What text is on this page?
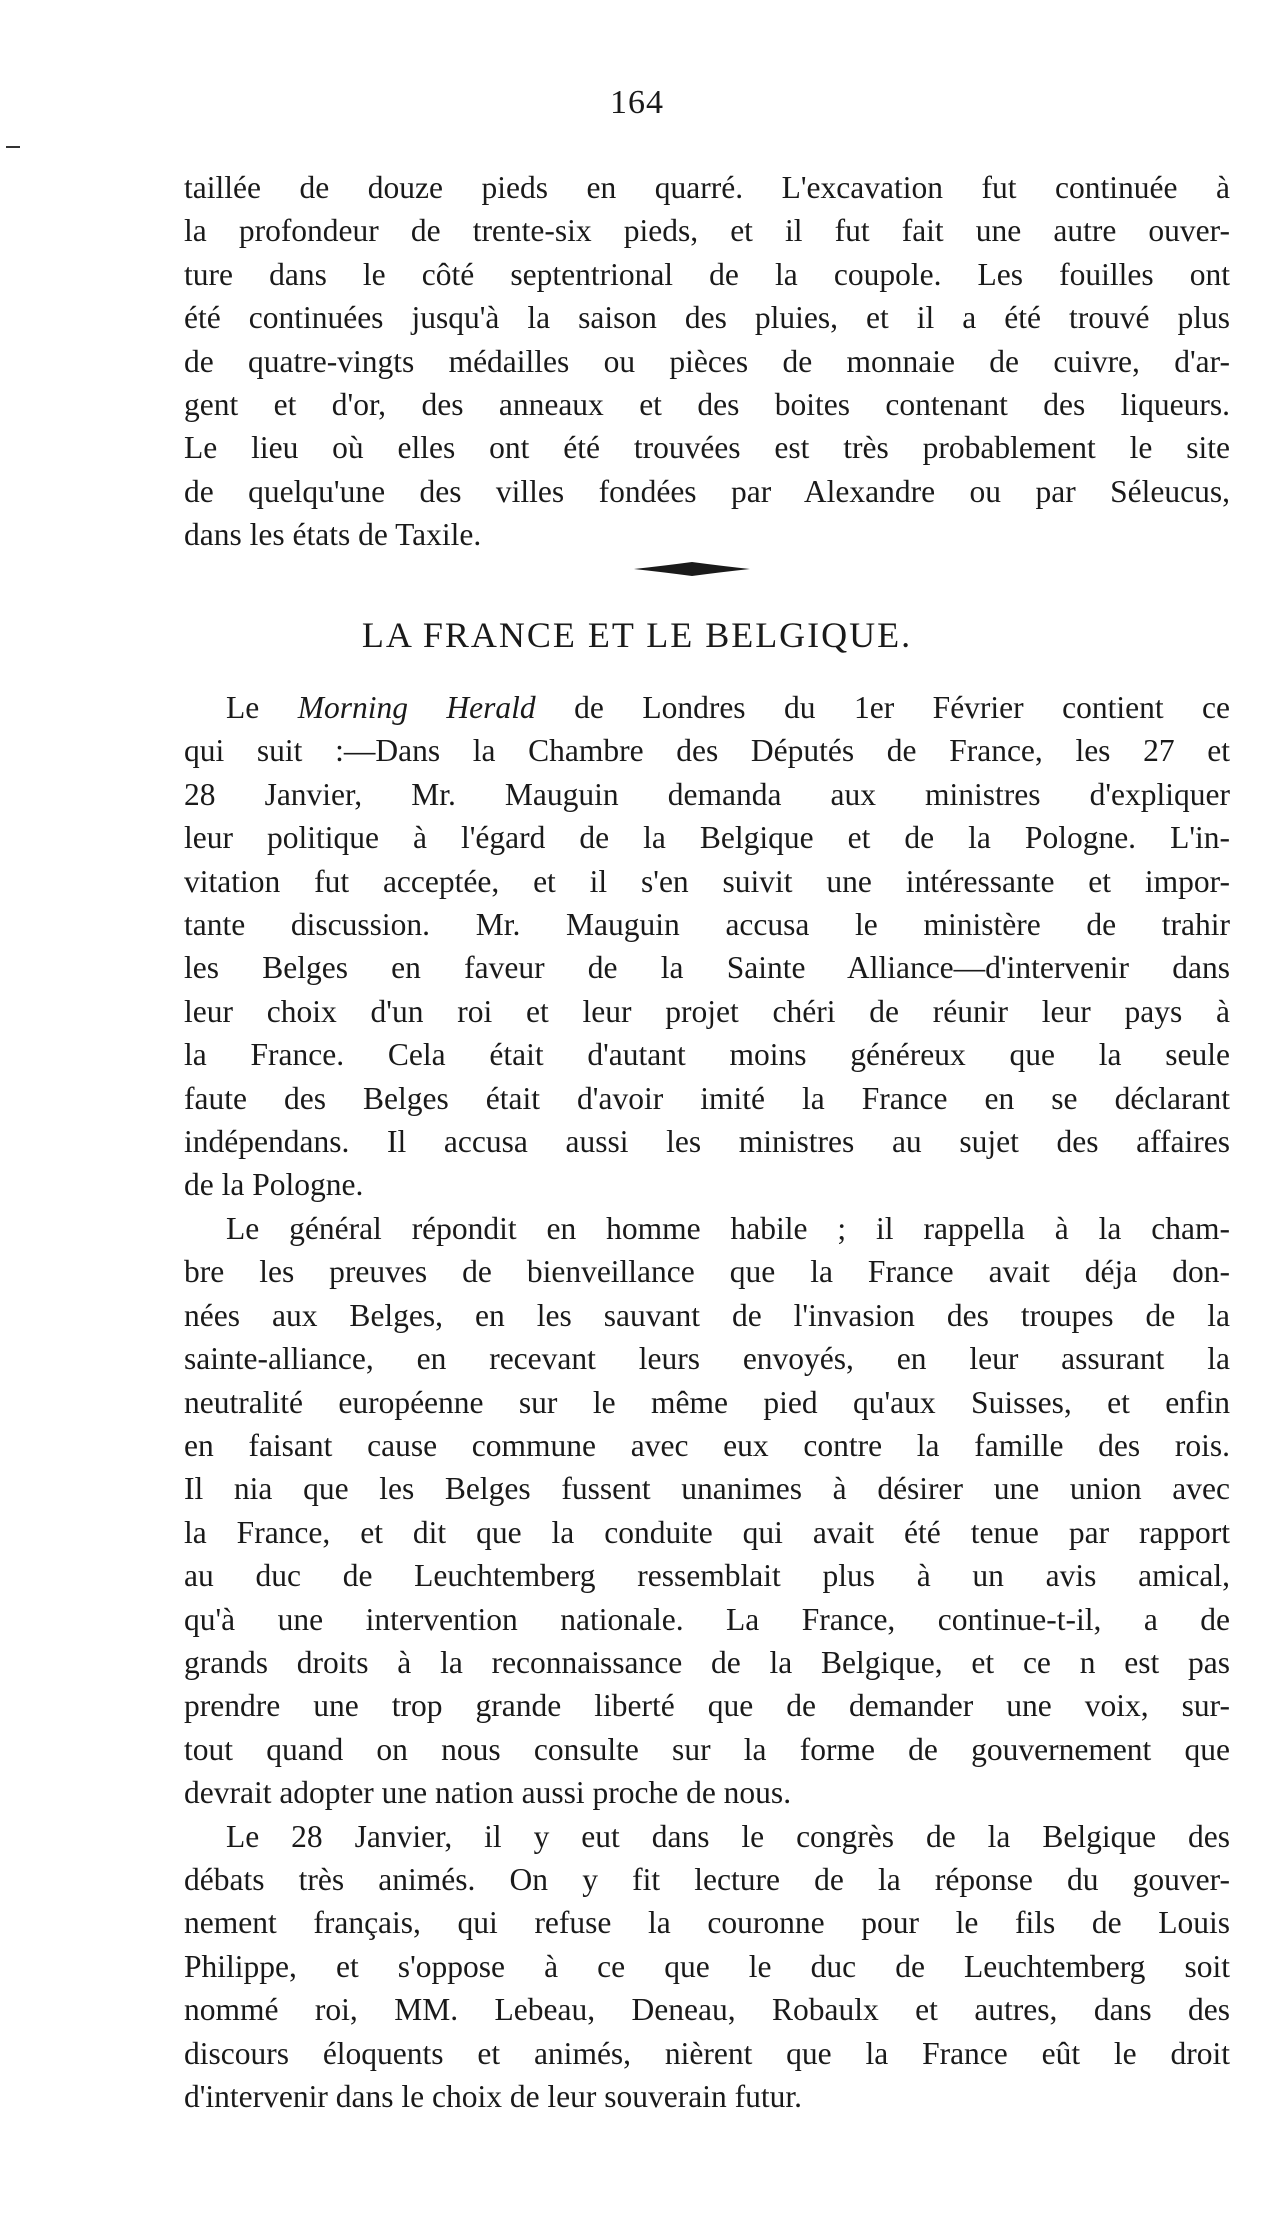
164

taillée de douze pieds en quarré. L'excavation fut continuée à

la profondeur de trente-six pieds, et il fut fait une autre ouver-

ture dans le côté septentrional de la coupole. Les fouilles ont

été continuées jusqu'à la saison des pluies, et il a été trouvé plus

de quatre-vingts médailles ou pièces de monnaie de cuivre, d'ar-

gent et d'or, des anneaux et des boites contenant des liqueurs.

Le lieu où elles ont été trouvées est très probablement le site

de quelqu'une des villes fondées par Alexandre ou par Séleucus,

dans les états de Taxile.

LA FRANCE ET LE BELGIQUE.

Le Morning Herald de Londres du 1er Février contient ce

qui suit :—Dans la Chambre des Députés de France, les 27 et

28 Janvier, Mr. Mauguin demanda aux ministres d'expliquer

leur politique à l'égard de la Belgique et de la Pologne. L'in-

vitation fut acceptée, et il s'en suivit une intéressante et impor-

tante discussion. Mr. Mauguin accusa le ministère de trahir

les Belges en faveur de la Sainte Alliance—d'intervenir dans

leur choix d'un roi et leur projet chéri de réunir leur pays à

la France. Cela était d'autant moins généreux que la seule

faute des Belges était d'avoir imité la France en se déclarant

indépendans. Il accusa aussi les ministres au sujet des affaires

de la Pologne.

Le général répondit en homme habile ; il rappella à la cham-

bre les preuves de bienveillance que la France avait déja don-

nées aux Belges, en les sauvant de l'invasion des troupes de la

sainte-alliance, en recevant leurs envoyés, en leur assurant la

neutralité européenne sur le même pied qu'aux Suisses, et enfin

en faisant cause commune avec eux contre la famille des rois.

Il nia que les Belges fussent unanimes à désirer une union avec

la France, et dit que la conduite qui avait été tenue par rapport

au duc de Leuchtemberg ressemblait plus à un avis amical,

qu'à une intervention nationale. La France, continue-t-il, a de

grands droits à la reconnaissance de la Belgique, et ce n est pas

prendre une trop grande liberté que de demander une voix, sur-

tout quand on nous consulte sur la forme de gouvernement que

devrait adopter une nation aussi proche de nous.

Le 28 Janvier, il y eut dans le congrès de la Belgique des

débats très animés. On y fit lecture de la réponse du gouver-

nement français, qui refuse la couronne pour le fils de Louis

Philippe, et s'oppose à ce que le duc de Leuchtemberg soit

nommé roi, MM. Lebeau, Deneau, Robaulx et autres, dans des

discours éloquents et animés, nièrent que la France eût le droit

d'intervenir dans le choix de leur souverain futur.
